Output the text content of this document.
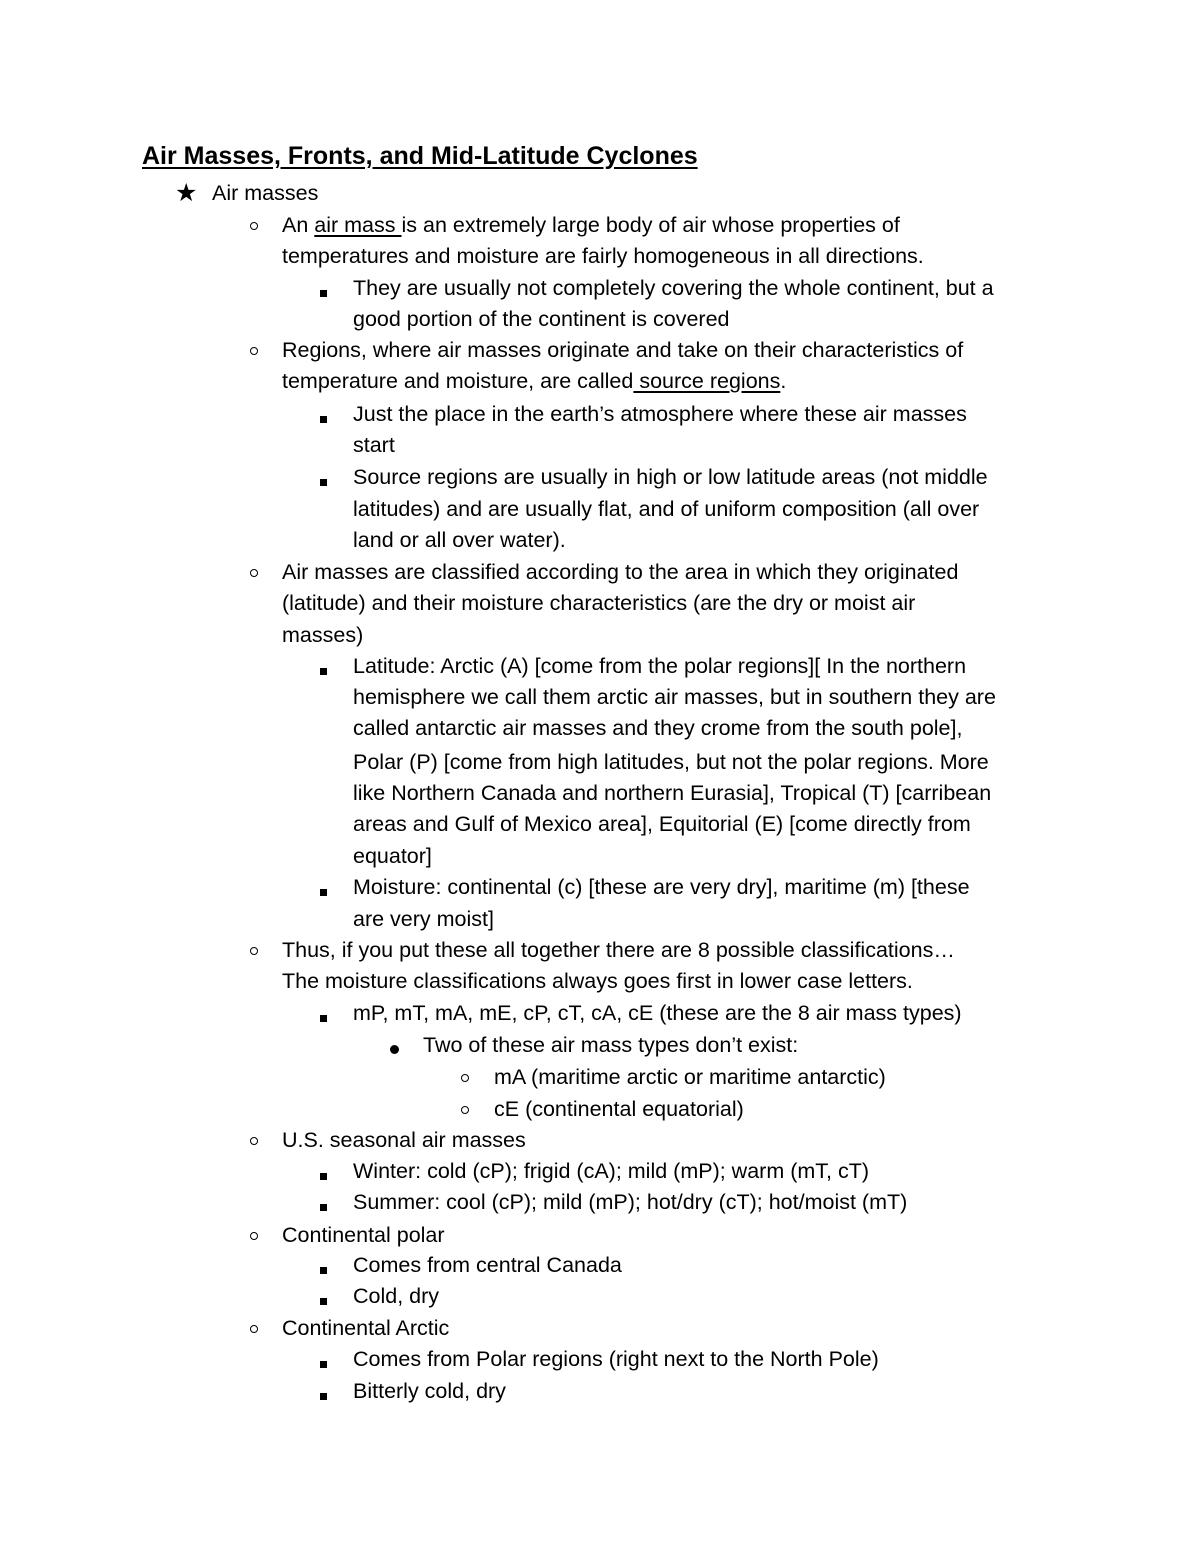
Air Masses, Fronts, and Mid-Latitude Cyclones
★ Air masses
An air mass is an extremely large body of air whose properties of
temperatures and moisture are fairly homogeneous in all directions.
They are usually not completely covering the whole continent, but a
good portion of the continent is covered
Regions, where air masses originate and take on their characteristics of
temperature and moisture, are called source regions.
Just the place in the earth’s atmosphere where these air masses
start
Source regions are usually in high or low latitude areas (not middle
latitudes) and are usually flat, and of uniform composition (all over
land or all over water).
Air masses are classified according to the area in which they originated
(latitude) and their moisture characteristics (are the dry or moist air
masses)
Latitude: Arctic (A) [come from the polar regions][ In the northern
hemisphere we call them arctic air masses, but in southern they are
called antarctic air masses and they crome from the south pole],
Polar (P) [come from high latitudes, but not the polar regions. More
like Northern Canada and northern Eurasia], Tropical (T) [carribean
areas and Gulf of Mexico area], Equitorial (E) [come directly from
equator]
Moisture: continental (c) [these are very dry], maritime (m) [these
are very moist]
Thus, if you put these all together there are 8 possible classifications…
The moisture classifications always goes first in lower case letters.
mP, mT, mA, mE, cP, cT, cA, cE (these are the 8 air mass types)
Two of these air mass types don’t exist:
mA (maritime arctic or maritime antarctic)
cE (continental equatorial)
U.S. seasonal air masses
Winter: cold (cP); frigid (cA); mild (mP); warm (mT, cT)
Summer: cool (cP); mild (mP); hot/dry (cT); hot/moist (mT)
Continental polar
Comes from central Canada
Cold, dry
Continental Arctic
Comes from Polar regions (right next to the North Pole)
Bitterly cold, dry
